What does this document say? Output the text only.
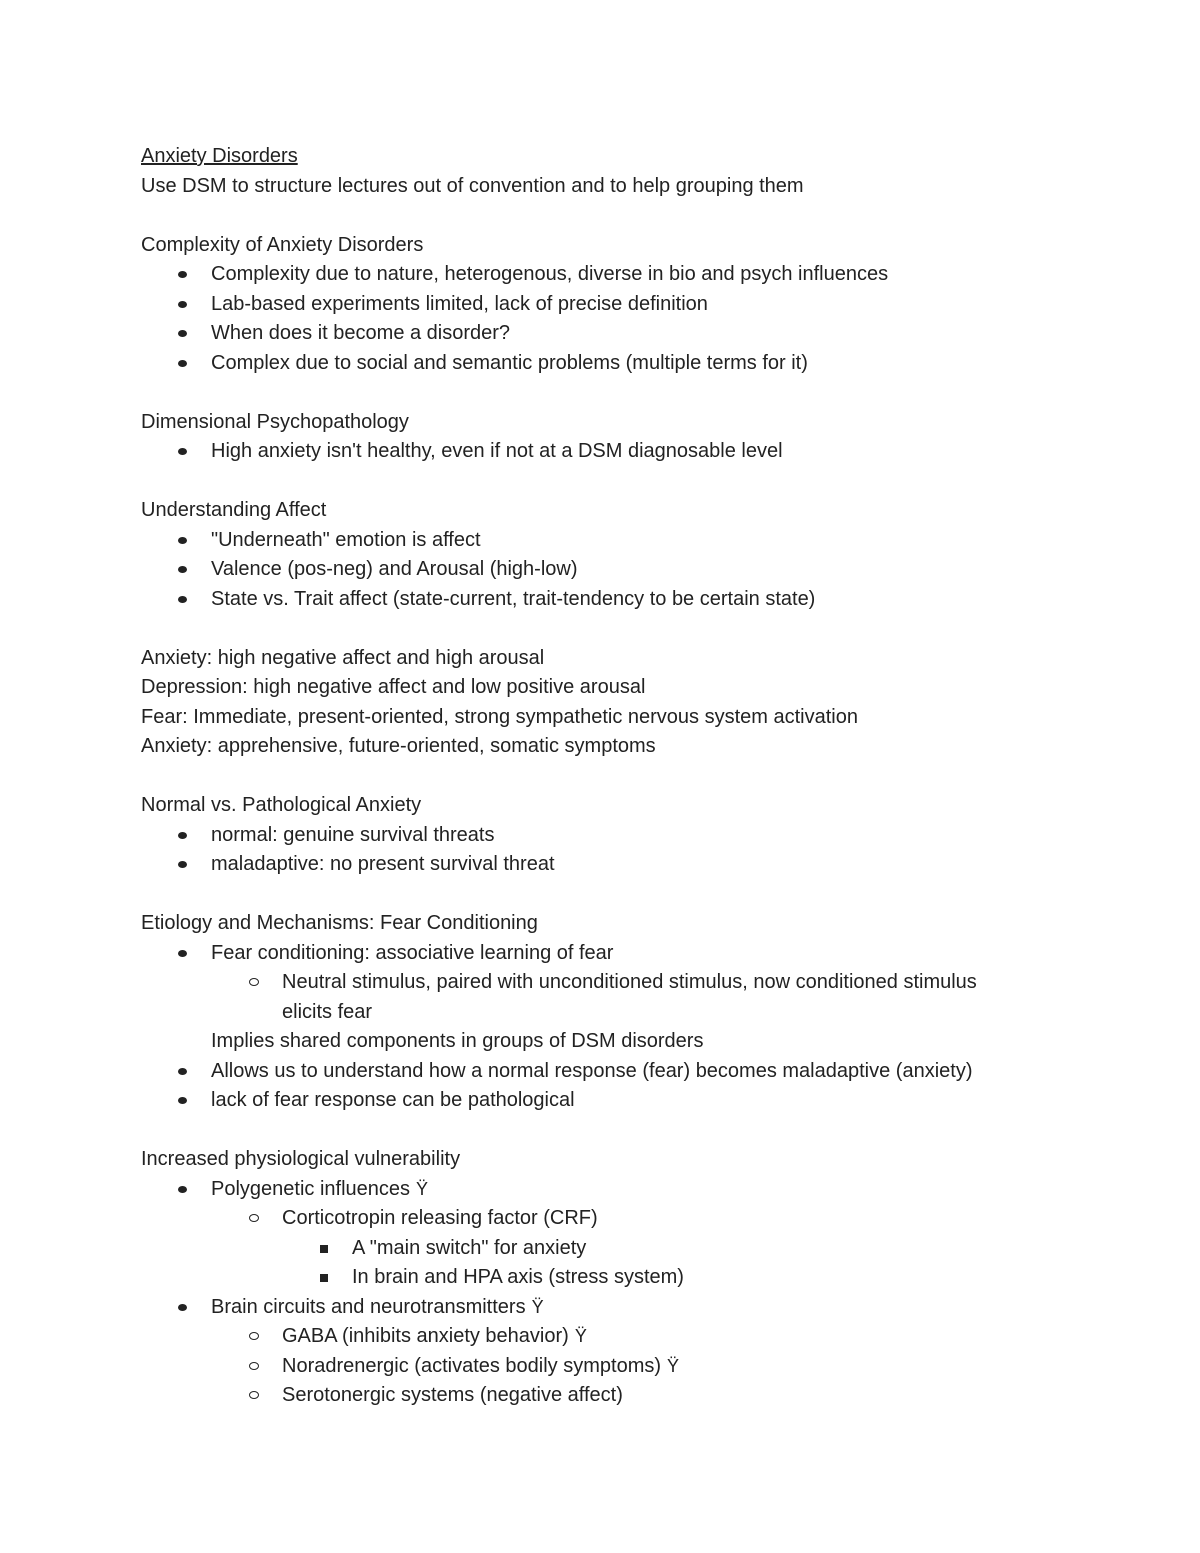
Anxiety Disorders
Use DSM to structure lectures out of convention and to help grouping them
Complexity of Anxiety Disorders
Complexity due to nature, heterogenous, diverse in bio and psych influences
Lab-based experiments limited, lack of precise definition
When does it become a disorder?
Complex due to social and semantic problems (multiple terms for it)
Dimensional Psychopathology
High anxiety isn't healthy, even if not at a DSM diagnosable level
Understanding Affect
"Underneath" emotion is affect
Valence (pos-neg) and Arousal (high-low)
State vs. Trait affect (state-current, trait-tendency to be certain state)
Anxiety: high negative affect and high arousal
Depression: high negative affect and low positive arousal
Fear: Immediate, present-oriented, strong sympathetic nervous system activation
Anxiety: apprehensive, future-oriented, somatic symptoms
Normal vs. Pathological Anxiety
normal: genuine survival threats
maladaptive: no present survival threat
Etiology and Mechanisms: Fear Conditioning
Fear conditioning: associative learning of fear
Neutral stimulus, paired with unconditioned stimulus, now conditioned stimulus
elicits fear
Implies shared components in groups of DSM disorders
Allows us to understand how a normal response (fear) becomes maladaptive (anxiety)
lack of fear response can be pathological
Increased physiological vulnerability
Polygenetic influences Ÿ
Corticotropin releasing factor (CRF)
A "main switch" for anxiety
In brain and HPA axis (stress system)
Brain circuits and neurotransmitters Ÿ
GABA (inhibits anxiety behavior) Ÿ
Noradrenergic (activates bodily symptoms) Ÿ
Serotonergic systems (negative affect)
